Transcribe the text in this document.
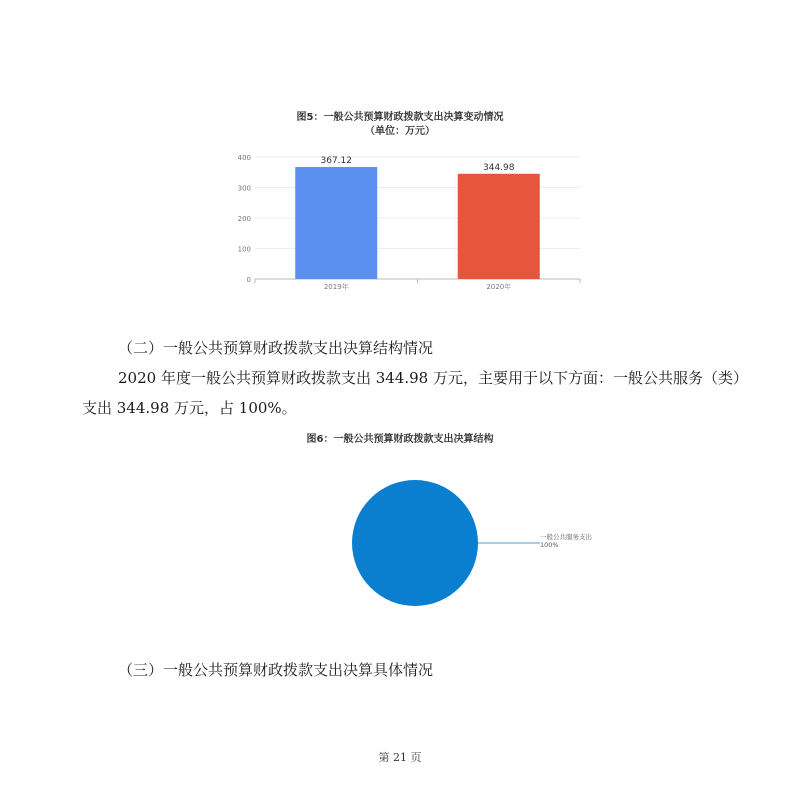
图5：一般公共预算财政拨款支出决算变动情况
（单位：万元）
0
100
200
300
400	367.12
2019年
344.98
2020年
（二）一般公共预算财政拨款支出决算结构情况
2020 年度一般公共预算财政拨款支出 344.98 万元，主要用于以下方面：一般公共服务（类）
支出 344.98 万元，占 100%。
图6：一般公共预算财政拨款支出决算结构
一般公共服务支出
100%
（三）一般公共预算财政拨款支出决算具体情况
第 21 页
